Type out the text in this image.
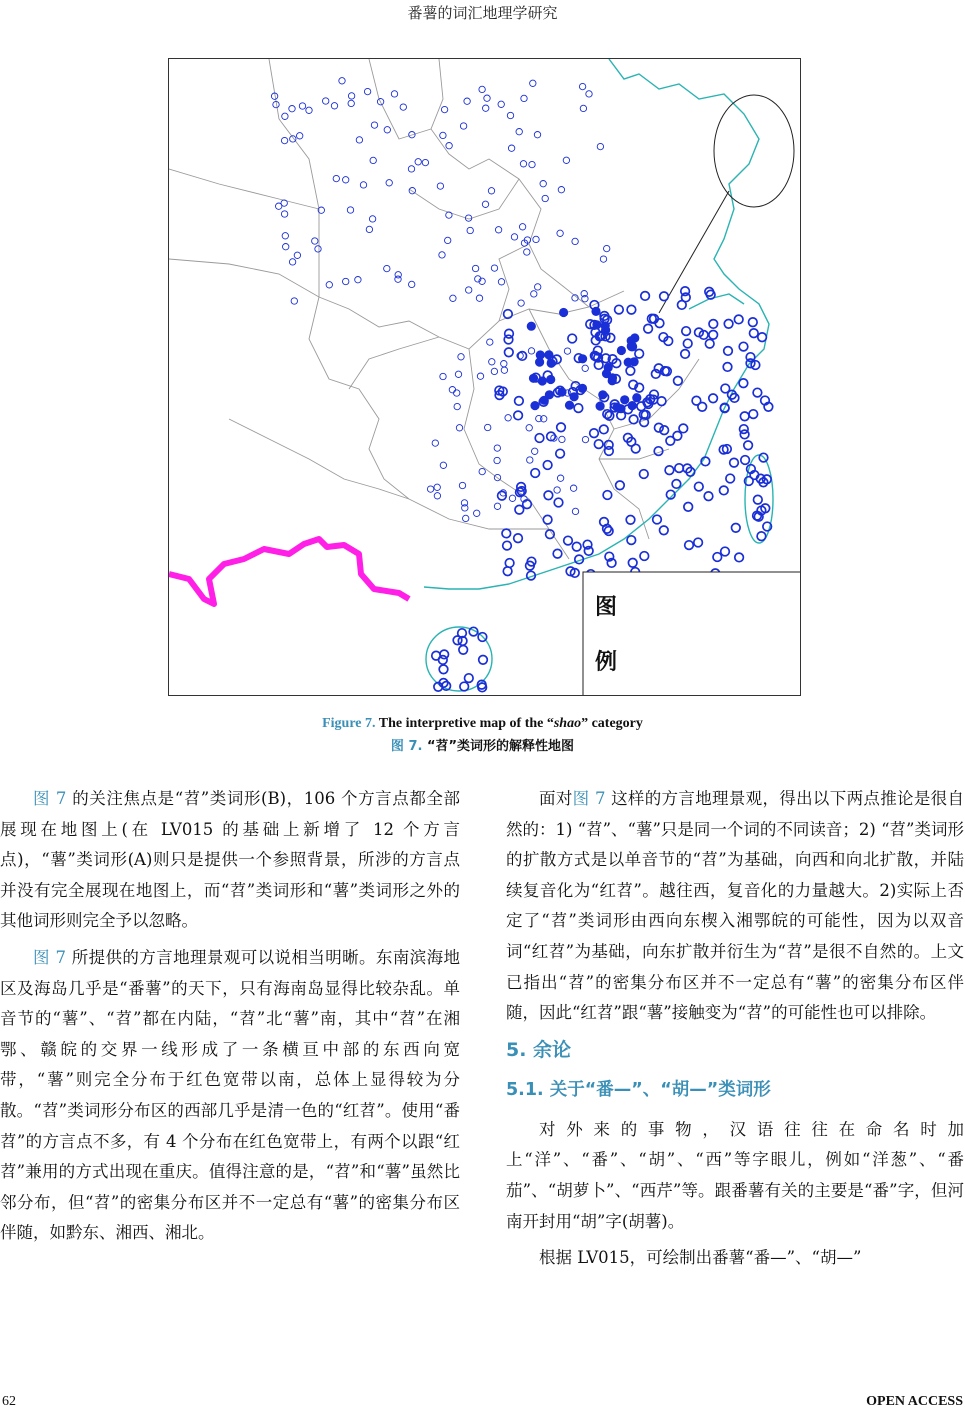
番薯的词汇地理学研究
图
例
Figure 7. The interpretive map of the “shao” category
图 7. “苕”类词形的解释性地图

图 7 的关注焦点是“苕”类词形(B)，106 个方言点都全部展现在地图上(在 LV015 的基础上新增了 12 个方言点)，“薯”类词形(A)则只是提供一个参照背景，所涉的方言点并没有完全展现在地图上，而“苕”类词形和“薯”类词形之外的其他词形则完全予以忽略。

图 7 所提供的方言地理景观可以说相当明晰。东南滨海地区及海岛几乎是“番薯”的天下，只有海南岛显得比较杂乱。单音节的“薯”、“苕”都在内陆，“苕”北“薯”南，其中“苕”在湘鄂、赣皖的交界一线形成了一条横亘中部的东西向宽带，“薯”则完全分布于红色宽带以南，总体上显得较为分散。“苕”类词形分布区的西部几乎是清一色的“红苕”。使用“番苕”的方言点不多，有 4 个分布在红色宽带上，有两个以跟“红苕”兼用的方式出现在重庆。值得注意的是，“苕”和“薯”虽然比邻分布，但“苕”的密集分布区并不一定总有“薯”的密集分布区伴随，如黔东、湘西、湘北。

面对图 7 这样的方言地理景观，得出以下两点推论是很自然的：1) “苕”、“薯”只是同一个词的不同读音；2) “苕”类词形的扩散方式是以单音节的“苕”为基础，向西和向北扩散，并陆续复音化为“红苕”。越往西，复音化的力量越大。2)实际上否定了“苕”类词形由西向东楔入湘鄂皖的可能性，因为以双音词“红苕”为基础，向东扩散并衍生为“苕”是很不自然的。上文已指出“苕”的密集分布区并不一定总有“薯”的密集分布区伴随，因此“红苕”跟“薯”接触变为“苕”的可能性也可以排除。

5. 余论
5.1. 关于“番—”、“胡—”类词形

对外来的事物，汉语往往在命名时加上“洋”、“番”、“胡”、“西”等字眼儿，例如“洋葱”、“番茄”、“胡萝卜”、“西芹”等。跟番薯有关的主要是“番”字，但河南开封用“胡”字(胡薯)。

根据 LV015，可绘制出番薯“番—”、“胡—”

62	OPEN ACCESS
